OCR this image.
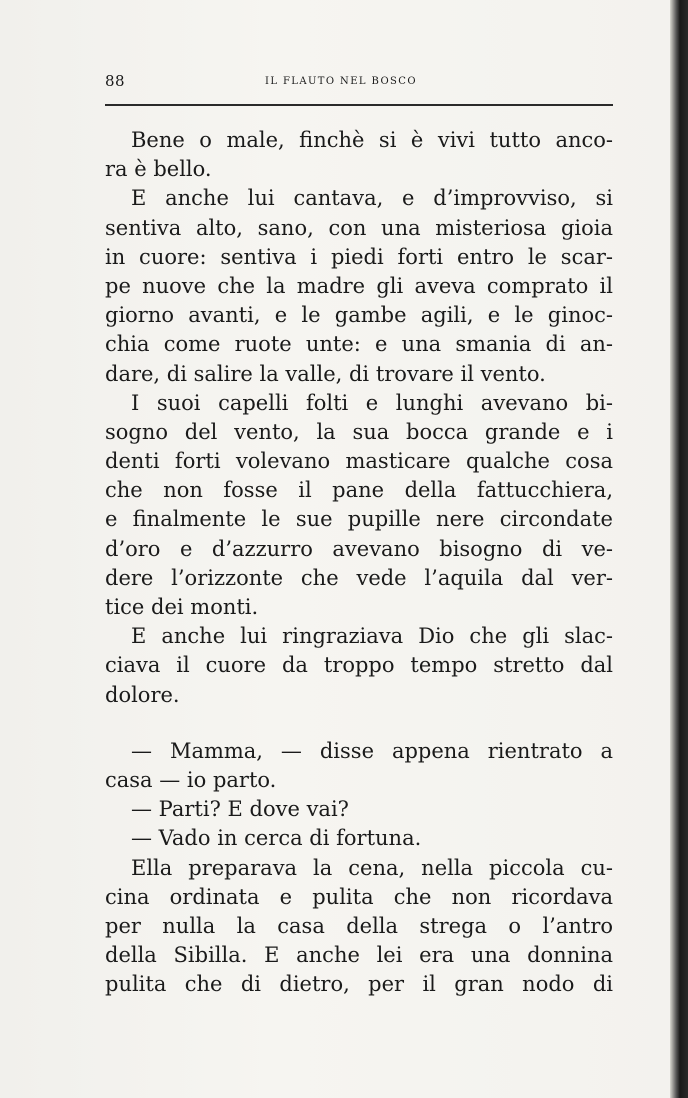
88	IL FLAUTO NEL BOSCO
Bene o male, finchè si è vivi tutto anco-
ra è bello.
E anche lui cantava, e d’improvviso, si
sentiva alto, sano, con una misteriosa gioia
in cuore: sentiva i piedi forti entro le scar-
pe nuove che la madre gli aveva comprato il
giorno avanti, e le gambe agili, e le ginoc-
chia come ruote unte: e una smania di an-
dare, di salire la valle, di trovare il vento.
I suoi capelli folti e lunghi avevano bi-
sogno del vento, la sua bocca grande e i
denti forti volevano masticare qualche cosa
che non fosse il pane della fattucchiera,
e finalmente le sue pupille nere circondate
d’oro e d’azzurro avevano bisogno di ve-
dere l’orizzonte che vede l’aquila dal ver-
tice dei monti.
E anche lui ringraziava Dio che gli slac-
ciava il cuore da troppo tempo stretto dal
dolore.
— Mamma, — disse appena rientrato a
casa — io parto.
— Parti? E dove vai?
— Vado in cerca di fortuna.
Ella preparava la cena, nella piccola cu-
cina ordinata e pulita che non ricordava
per nulla la casa della strega o l’antro
della Sibilla. E anche lei era una donnina
pulita che di dietro, per il gran nodo di
